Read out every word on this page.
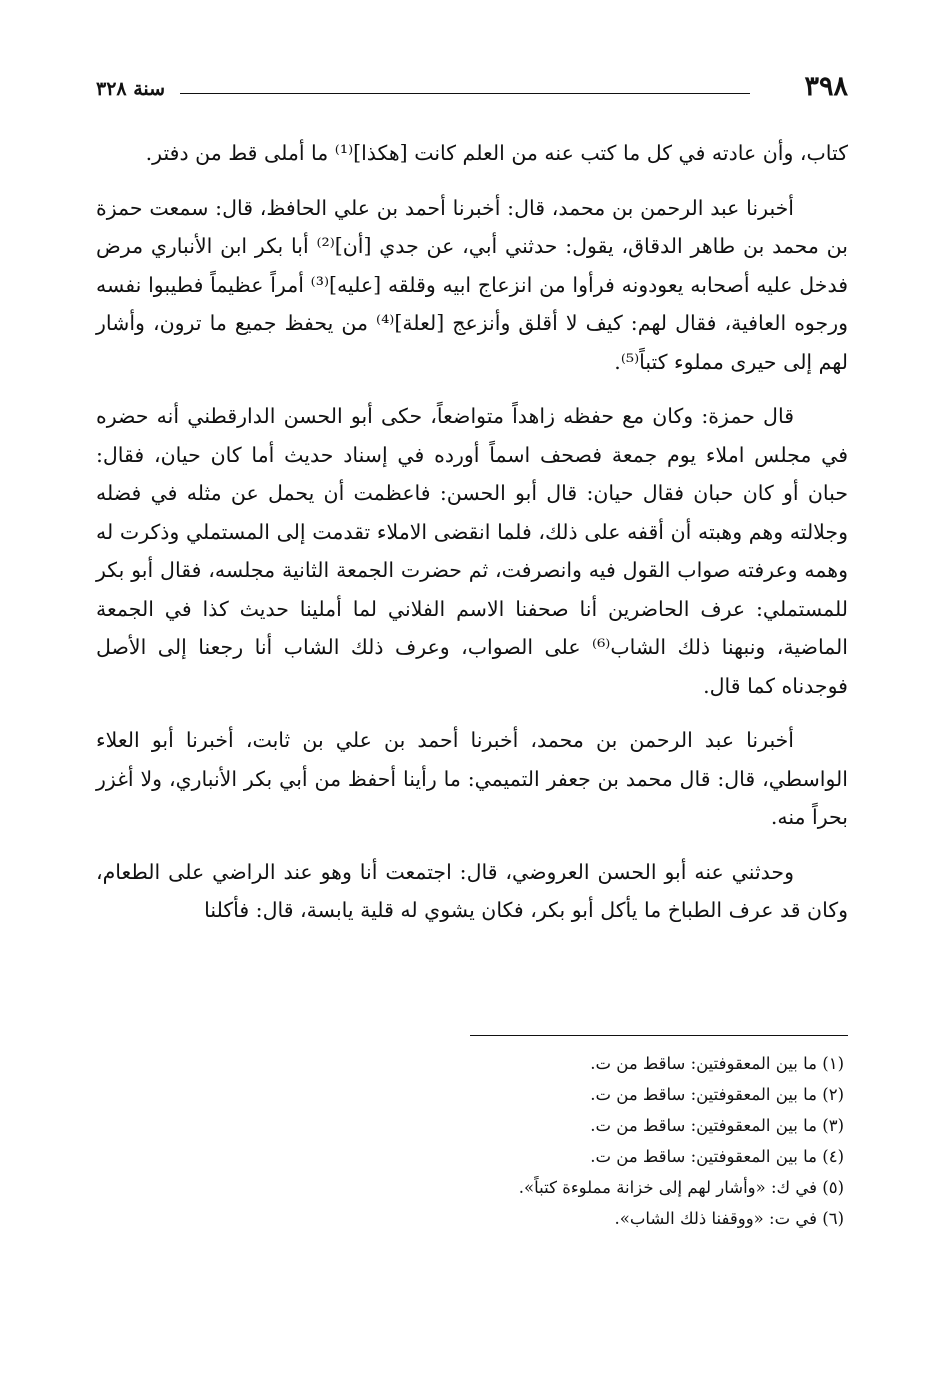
٣٩٨
سنة ٣٢٨

كتاب، وأن عادته في كل ما كتب عنه من العلم كانت [هكذا]⁽¹⁾ ما أملى قط من دفتر.

أخبرنا عبد الرحمن بن محمد، قال: أخبرنا أحمد بن علي الحافظ، قال: سمعت حمزة بن محمد بن طاهر الدقاق، يقول: حدثني أبي، عن جدي [أن]⁽²⁾ أبا بكر ابن الأنباري مرض فدخل عليه أصحابه يعودونه فرأوا من انزعاج ابيه وقلقه [عليه]⁽³⁾ أمراً عظيماً فطيبوا نفسه ورجوه العافية، فقال لهم: كيف لا أقلق وأنزعج [لعلة]⁽⁴⁾ من يحفظ جميع ما ترون، وأشار لهم إلى حيرى مملوء كتباً⁽⁵⁾.

قال حمزة: وكان مع حفظه زاهداً متواضعاً، حكى أبو الحسن الدارقطني أنه حضره في مجلس املاء يوم جمعة فصحف اسماً أورده في إسناد حديث أما كان حيان، فقال: حبان أو كان حبان فقال حيان: قال أبو الحسن: فاعظمت أن يحمل عن مثله في فضله وجلالته وهم وهبته أن أقفه على ذلك، فلما انقضى الاملاء تقدمت إلى المستملي وذكرت له وهمه وعرفته صواب القول فيه وانصرفت، ثم حضرت الجمعة الثانية مجلسه، فقال أبو بكر للمستملي: عرف الحاضرين أنا صحفنا الاسم الفلاني لما أملينا حديث كذا في الجمعة الماضية، ونبهنا ذلك الشاب⁽⁶⁾ على الصواب، وعرف ذلك الشاب أنا رجعنا إلى الأصل فوجدناه كما قال.

أخبرنا عبد الرحمن بن محمد، أخبرنا أحمد بن علي بن ثابت، أخبرنا أبو العلاء الواسطي، قال: قال محمد بن جعفر التميمي: ما رأينا أحفظ من أبي بكر الأنباري، ولا أغزر بحراً منه.

وحدثني عنه أبو الحسن العروضي، قال: اجتمعت أنا وهو عند الراضي على الطعام، وكان قد عرف الطباخ ما يأكل أبو بكر، فكان يشوي له قلية يابسة، قال: فأكلنا

(١) ما بين المعقوفتين: ساقط من ت.

(٢) ما بين المعقوفتين: ساقط من ت.

(٣) ما بين المعقوفتين: ساقط من ت.

(٤) ما بين المعقوفتين: ساقط من ت.

(٥) في ك: «وأشار لهم إلى خزانة مملوءة كتباً».

(٦) في ت: «ووقفنا ذلك الشاب».
